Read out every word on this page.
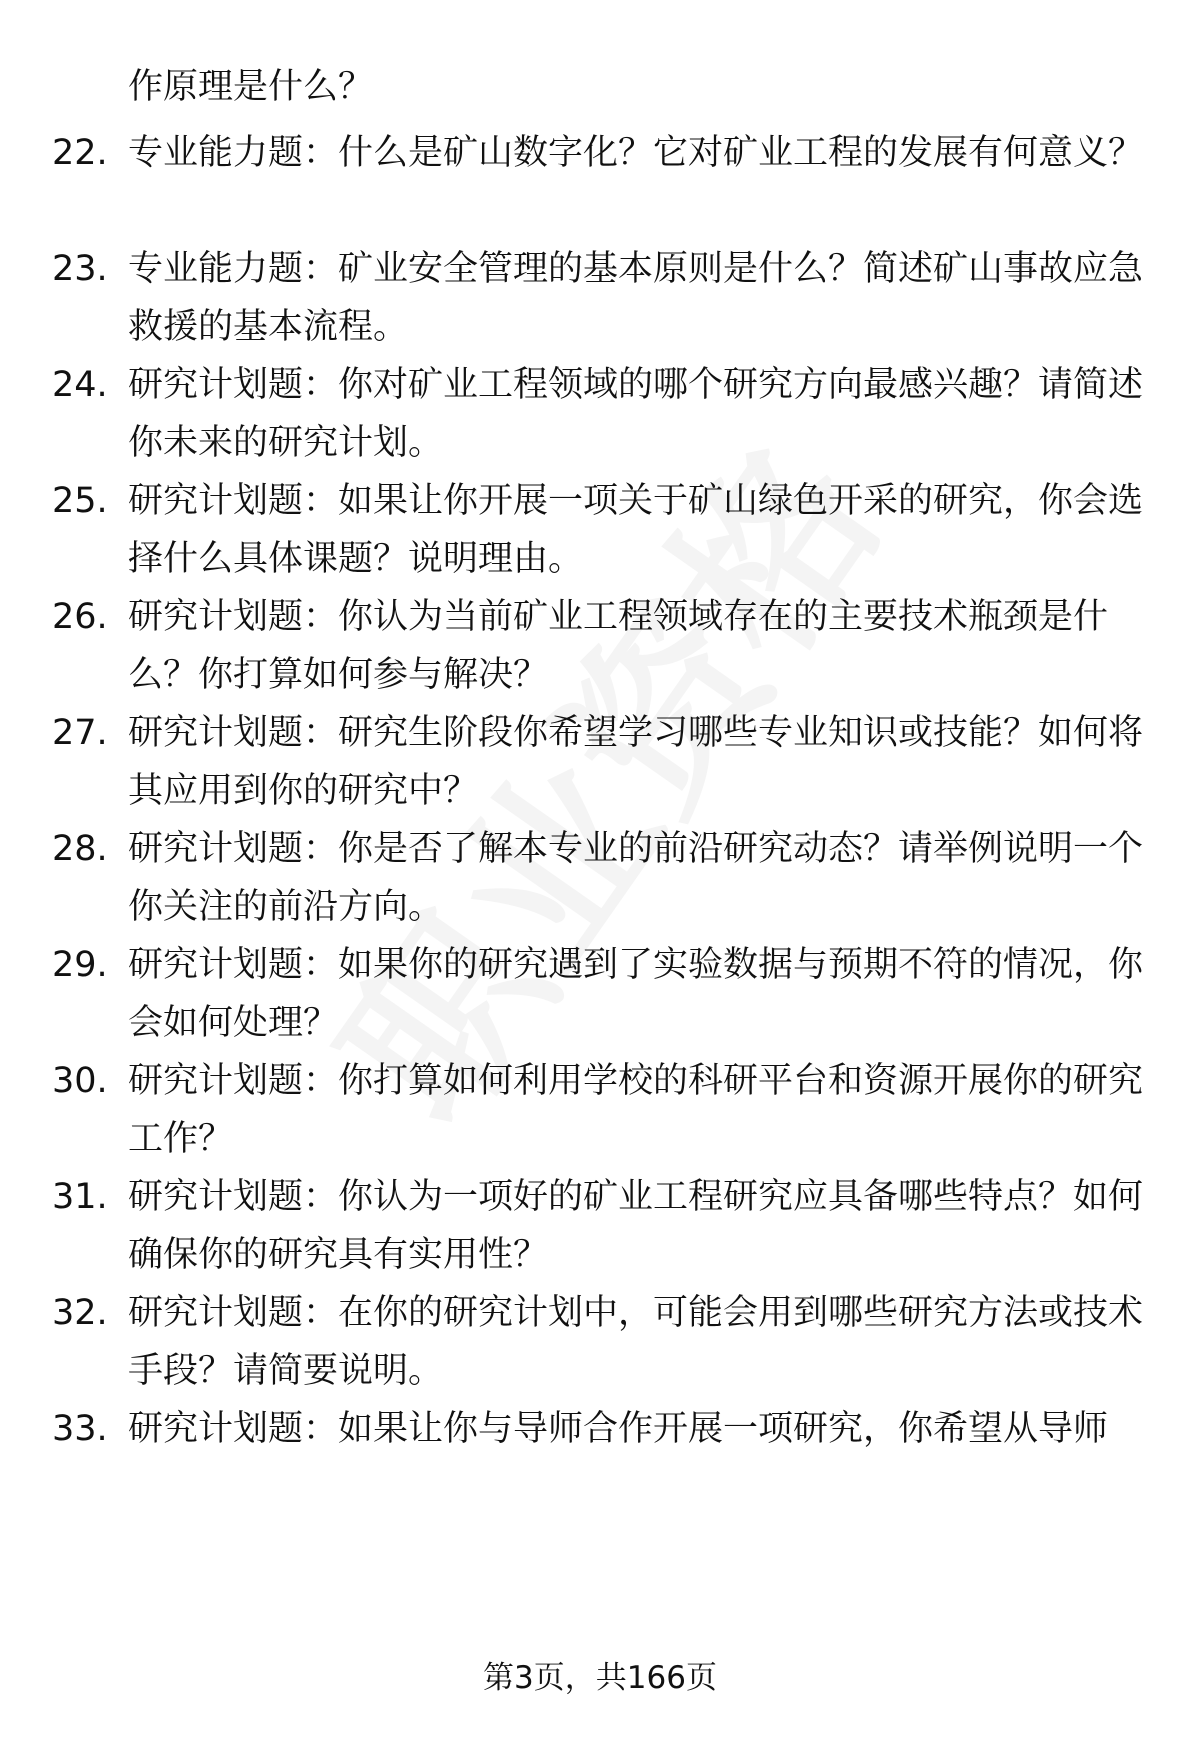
作原理是什么？
22. 专业能力题：什么是矿山数字化？它对矿业工程的发展有何意义？
23. 专业能力题：矿业安全管理的基本原则是什么？简述矿山事故应急救援的基本流程。
24. 研究计划题：你对矿业工程领域的哪个研究方向最感兴趣？请简述你未来的研究计划。
25. 研究计划题：如果让你开展一项关于矿山绿色开采的研究，你会选择什么具体课题？说明理由。
26. 研究计划题：你认为当前矿业工程领域存在的主要技术瓶颈是什么？你打算如何参与解决？
27. 研究计划题：研究生阶段你希望学习哪些专业知识或技能？如何将其应用到你的研究中？
28. 研究计划题：你是否了解本专业的前沿研究动态？请举例说明一个你关注的前沿方向。
29. 研究计划题：如果你的研究遇到了实验数据与预期不符的情况，你会如何处理？
30. 研究计划题：你打算如何利用学校的科研平台和资源开展你的研究工作？
31. 研究计划题：你认为一项好的矿业工程研究应具备哪些特点？如何确保你的研究具有实用性？
32. 研究计划题：在你的研究计划中，可能会用到哪些研究方法或技术手段？请简要说明。
33. 研究计划题：如果让你与导师合作开展一项研究，你希望从导师
第3页，共166页
